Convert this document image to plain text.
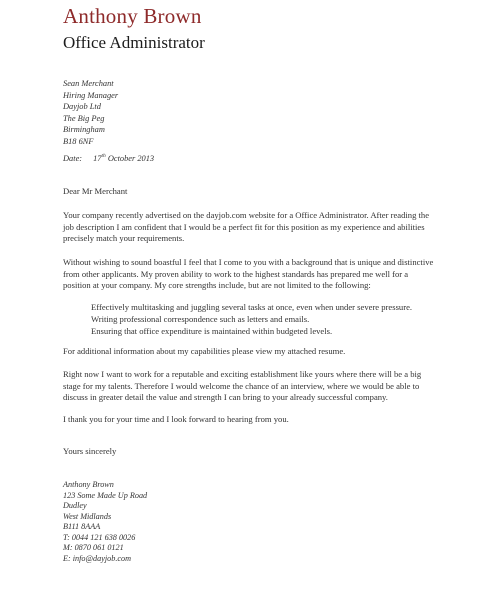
Anthony Brown
Office Administrator
Sean Merchant
Hiring Manager
Dayjob Ltd
The Big Peg
Birmingham
B18 6NF
Date: 17th October 2013
Dear Mr Merchant
Your company recently advertised on the dayjob.com website for a Office Administrator. After reading the
job description I am confident that I would be a perfect fit for this position as my experience and abilities
precisely match your requirements.
Without wishing to sound boastful I feel that I come to you with a background that is unique and distinctive
from other applicants. My proven ability to work to the highest standards has prepared me well for a
position at your company. My core strengths include, but are not limited to the following:
Effectively multitasking and juggling several tasks at once, even when under severe pressure.
Writing professional correspondence such as letters and emails.
Ensuring that office expenditure is maintained within budgeted levels.
For additional information about my capabilities please view my attached resume.
Right now I want to work for a reputable and exciting establishment like yours where there will be a big
stage for my talents. Therefore I would welcome the chance of an interview, where we would be able to
discuss in greater detail the value and strength I can bring to your already successful company.
I thank you for your time and I look forward to hearing from you.
Yours sincerely
Anthony Brown
123 Some Made Up Road
Dudley
West Midlands
B111 8AAA
T: 0044 121 638 0026
M: 0870 061 0121
E: info@dayjob.com
